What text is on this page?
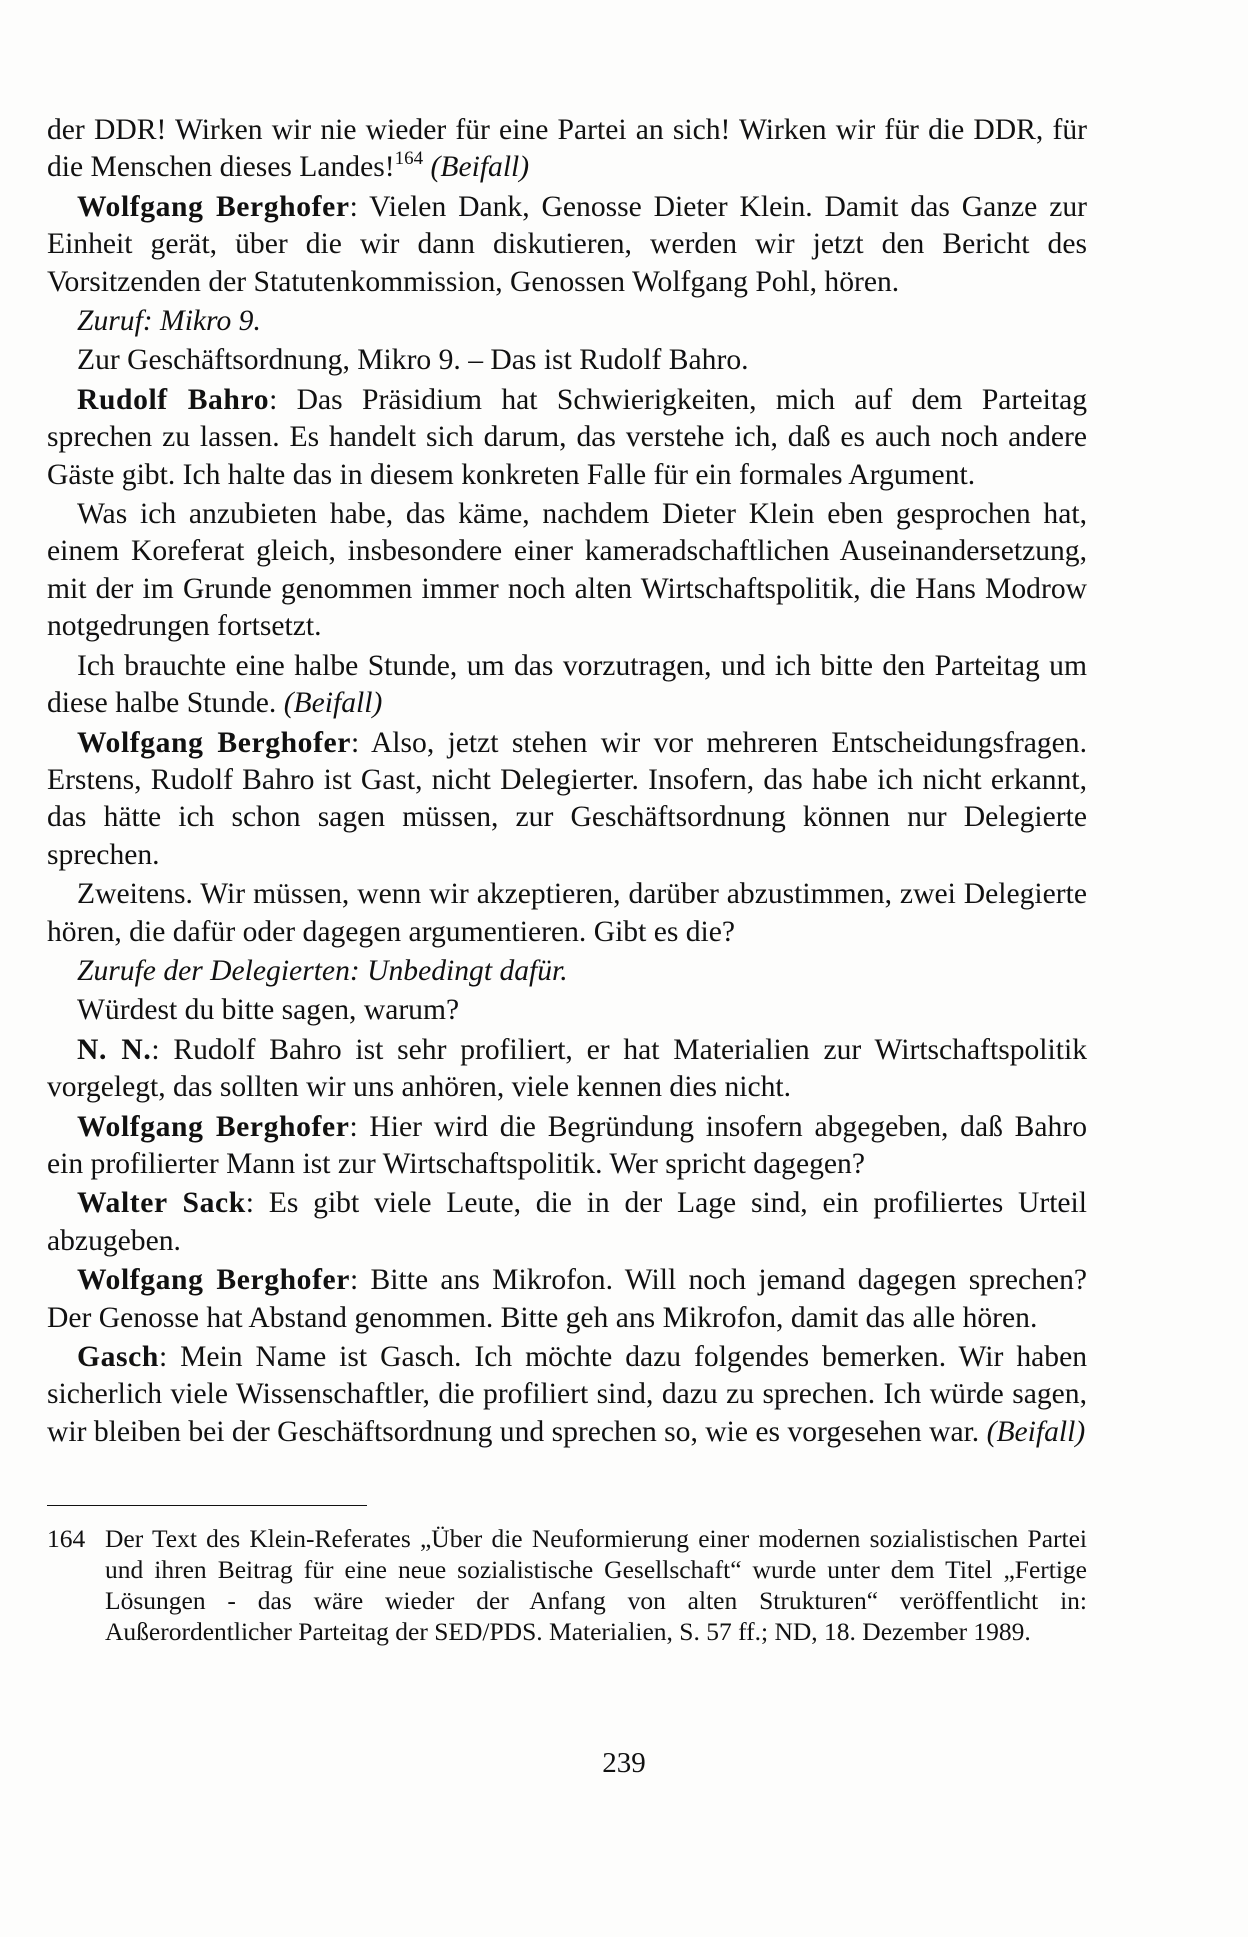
der DDR! Wirken wir nie wieder für eine Partei an sich! Wirken wir für die DDR, für die Menschen dieses Landes!$^{164}$ (Beifall)

Wolfgang Berghofer: Vielen Dank, Genosse Dieter Klein. Damit das Ganze zur Einheit gerät, über die wir dann diskutieren, werden wir jetzt den Bericht des Vorsitzenden der Statutenkommission, Genossen Wolfgang Pohl, hören.

Zuruf: Mikro 9.

Zur Geschäftsordnung, Mikro 9. – Das ist Rudolf Bahro.

Rudolf Bahro: Das Präsidium hat Schwierigkeiten, mich auf dem Parteitag sprechen zu lassen. Es handelt sich darum, das verstehe ich, daß es auch noch andere Gäste gibt. Ich halte das in diesem konkreten Falle für ein formales Argument.

Was ich anzubieten habe, das käme, nachdem Dieter Klein eben gesprochen hat, einem Koreferat gleich, insbesondere einer kameradschaftlichen Auseinandersetzung, mit der im Grunde genommen immer noch alten Wirtschaftspolitik, die Hans Modrow notgedrungen fortsetzt.

Ich brauchte eine halbe Stunde, um das vorzutragen, und ich bitte den Parteitag um diese halbe Stunde. (Beifall)

Wolfgang Berghofer: Also, jetzt stehen wir vor mehreren Entscheidungsfragen. Erstens, Rudolf Bahro ist Gast, nicht Delegierter. Insofern, das habe ich nicht erkannt, das hätte ich schon sagen müssen, zur Geschäftsordnung können nur Delegierte sprechen.

Zweitens. Wir müssen, wenn wir akzeptieren, darüber abzustimmen, zwei Delegierte hören, die dafür oder dagegen argumentieren. Gibt es die?

Zurufe der Delegierten: Unbedingt dafür.

Würdest du bitte sagen, warum?

N. N.: Rudolf Bahro ist sehr profiliert, er hat Materialien zur Wirtschaftspolitik vorgelegt, das sollten wir uns anhören, viele kennen dies nicht.

Wolfgang Berghofer: Hier wird die Begründung insofern abgegeben, daß Bahro ein profilierter Mann ist zur Wirtschaftspolitik. Wer spricht dagegen?

Walter Sack: Es gibt viele Leute, die in der Lage sind, ein profiliertes Urteil abzugeben.

Wolfgang Berghofer: Bitte ans Mikrofon. Will noch jemand dagegen sprechen? Der Genosse hat Abstand genommen. Bitte geh ans Mikrofon, damit das alle hören.

Gasch: Mein Name ist Gasch. Ich möchte dazu folgendes bemerken. Wir haben sicherlich viele Wissenschaftler, die profiliert sind, dazu zu sprechen. Ich würde sagen, wir bleiben bei der Geschäftsordnung und sprechen so, wie es vorgesehen war. (Beifall)

164 Der Text des Klein-Referates „Über die Neuformierung einer modernen sozialistischen Partei und ihren Beitrag für eine neue sozialistische Gesellschaft“ wurde unter dem Titel „Fertige Lösungen - das wäre wieder der Anfang von alten Strukturen“ veröffentlicht in: Außerordentlicher Parteitag der SED/PDS. Materialien, S. 57 ff.; ND, 18. Dezember 1989.
239
